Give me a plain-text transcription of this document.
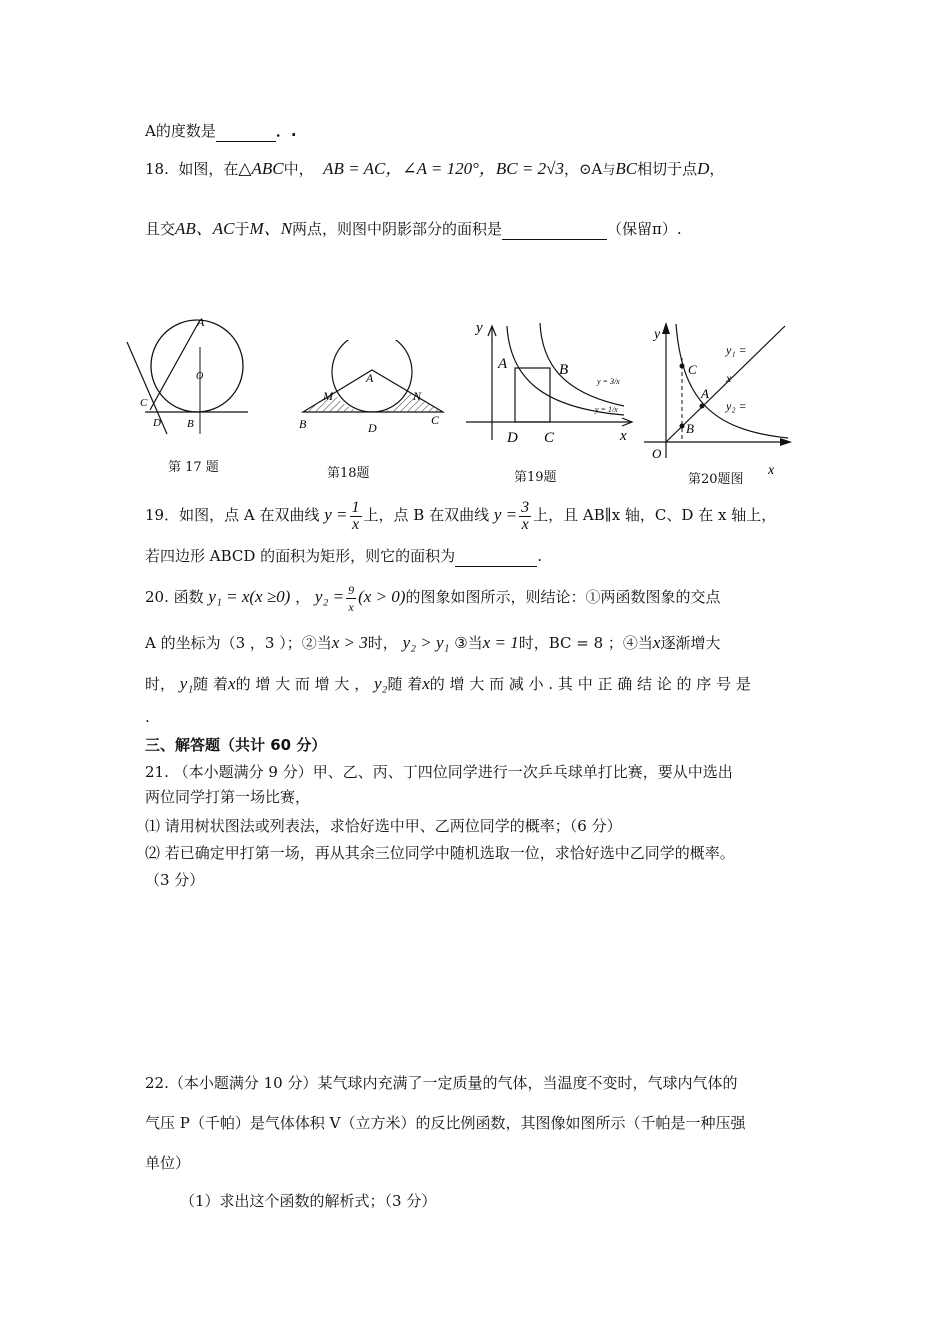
A的度数是	．.
18. 如图，在△ABC中， AB = AC，∠A = 120°，BC = 2√3，⊙A与BC相切于点D，
且交AB、AC于M、N两点，则图中阴影部分的面积是	（保留π）.
A
O
C
D B
第 17 题
A
M	N
B	D
C
第18题
y
A	B
D C	x
y = 3/x
y = 1/x
第19题
y
C
A
B
O
y₁ =
y₂ =
x
x
第20题图
19．如图，点 A 在双曲线 $y = \frac{1}{x}$ 上，点 B 在双曲线 $y = \frac{3}{x}$ 上，且 AB∥x 轴，C、D 在 x 轴上，
若四边形 ABCD 的面积为矩形，则它的面积为	.
20. 函数 y₁ = x(x ≥0) ， $y_2 = \frac{9}{x} (x > 0)$的图象如图所示，则结论：①两函数图象的交点
A 的坐标为（3 ，3 ）；②当x > 3时， y₂ > y₁ ③当x = 1时，BC = 8 ；④当x逐渐增大
时， y₁随 着x的 增 大 而 增 大 ， y₂随 着x的 增 大 而 减 小 . 其 中 正 确 结 论 的 序 号 是
.
三、解答题（共计 60 分）
21. （本小题满分 9 分）甲、乙、丙、丁四位同学进行一次乒乓球单打比赛，要从中选出
两位同学打第一场比赛，
⑴ 请用树状图法或列表法，求恰好选中甲、乙两位同学的概率；（6 分）
⑵ 若已确定甲打第一场，再从其余三位同学中随机选取一位，求恰好选中乙同学的概率。
（3 分）
22.（本小题满分 10 分）某气球内充满了一定质量的气体，当温度不变时，气球内气体的
气压 P（千帕）是气体体积 V（立方米）的反比例函数，其图像如图所示（千帕是一种压强
单位）
（1）求出这个函数的解析式；（3 分）
